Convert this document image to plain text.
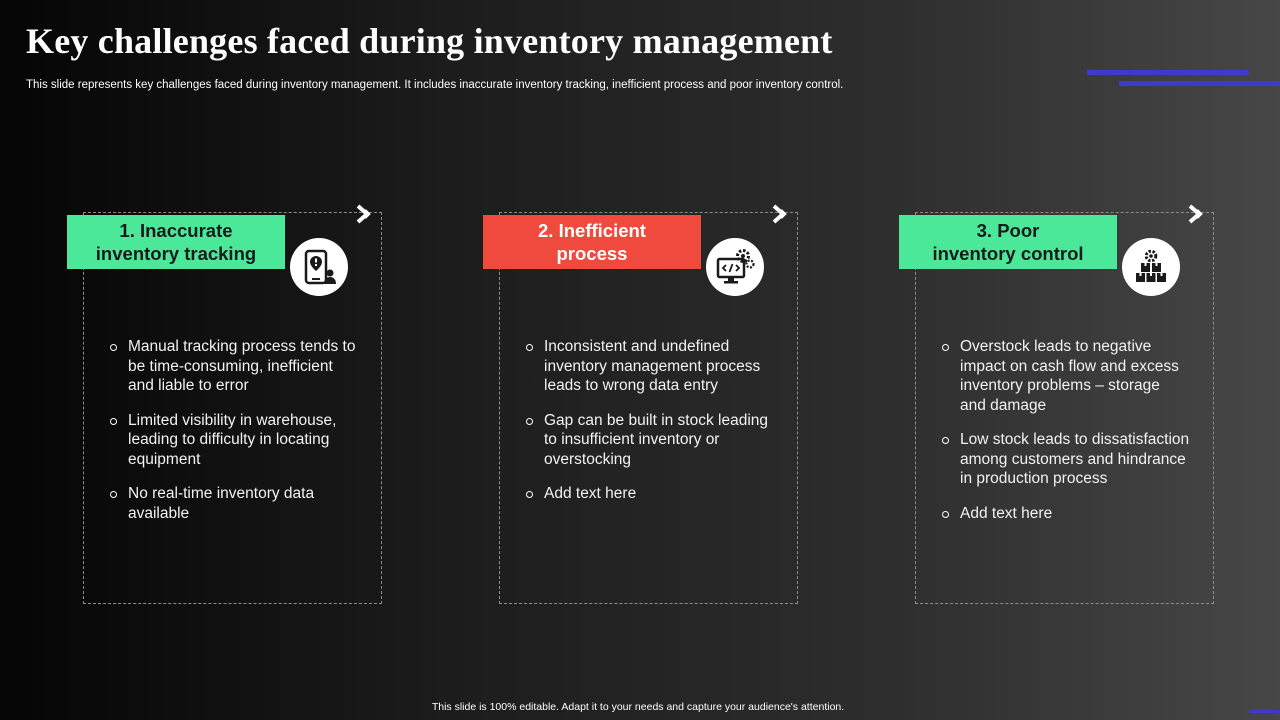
Key challenges faced during inventory management

This slide represents key challenges faced during inventory management. It includes inaccurate inventory tracking, inefficient process and poor inventory control.

1. Inaccurate
inventory tracking
Manual tracking process tends to be time-consuming, inefficient and liable to error
Limited visibility in warehouse, leading to difficulty in locating equipment
No real-time inventory data available
2. Inefficient
process
Inconsistent and undefined inventory management process leads to wrong data entry
Gap can be built in stock leading to insufficient inventory or overstocking
Add text here
3. Poor
inventory control
Overstock leads to negative impact on cash flow and excess inventory problems – storage and damage
Low stock leads to dissatisfaction among customers and hindrance in production process
Add text here

This slide is 100% editable. Adapt it to your needs and capture your audience's attention.
